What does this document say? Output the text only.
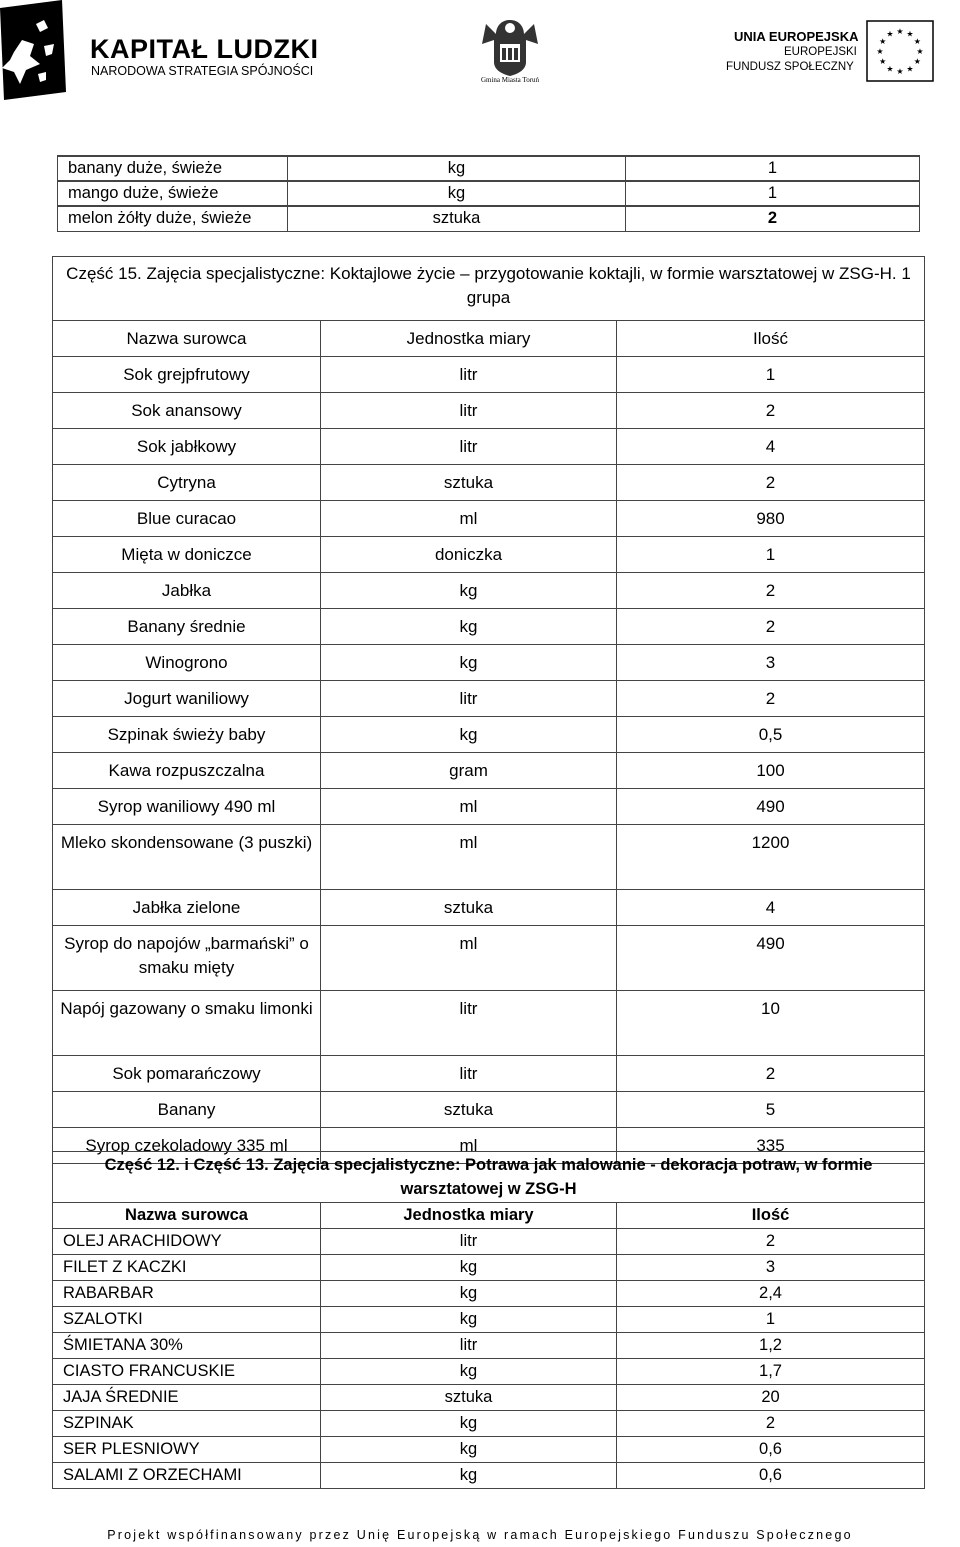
KAPITAŁ LUDZKI
NARODOWA STRATEGIA SPÓJNOŚCI
Gmina Miasta Toruń
UNIA EUROPEJSKA
EUROPEJSKI
FUNDUSZ SPOŁECZNY
★
★
★
★
★
★
★
★
★ ★ ★
★
banany duże, świeże	kg	1
mango duże, świeże	kg	1
melon żółty duże, świeże	sztuka	2
Część 15. Zajęcia specjalistyczne: Koktajlowe życie – przygotowanie koktajli, w formie warsztatowej w ZSG-H. 1 grupa		
Nazwa surowca	Jednostka miary	Ilość
Sok grejpfrutowy	litr	1
Sok anansowy	litr	2
Sok jabłkowy	litr	4
Cytryna	sztuka	2
Blue curacao	ml	980
Mięta w doniczce	doniczka	1
Jabłka	kg	2
Banany średnie	kg	2
Winogrono	kg	3
Jogurt waniliowy	litr	2
Szpinak świeży baby	kg	0,5
Kawa rozpuszczalna	gram	100
Syrop waniliowy 490 ml	ml	490
Mleko skondensowane (3 puszki)	ml	1200
Jabłka zielone	sztuka	4
Syrop do napojów „barmański” o smaku mięty	ml	490
Napój gazowany o smaku limonki	litr	10
Sok pomarańczowy	litr	2
Banany	sztuka	5
Syrop czekoladowy 335 ml	ml	335
Część 12. i Część 13. Zajęcia specjalistyczne: Potrawa jak malowanie - dekoracja potraw, w formie warsztatowej w ZSG-H		
Nazwa surowca	Jednostka miary	Ilość
OLEJ ARACHIDOWY	litr	2
FILET Z KACZKI	kg	3
RABARBAR	kg	2,4
SZALOTKI	kg	1
ŚMIETANA 30%	litr	1,2
CIASTO FRANCUSKIE	kg	1,7
JAJA ŚREDNIE	sztuka	20
SZPINAK	kg	2
SER PLESNIOWY	kg	0,6
SALAMI Z ORZECHAMI	kg	0,6
Projekt współfinansowany przez Unię Europejską w ramach Europejskiego Funduszu Społecznego
